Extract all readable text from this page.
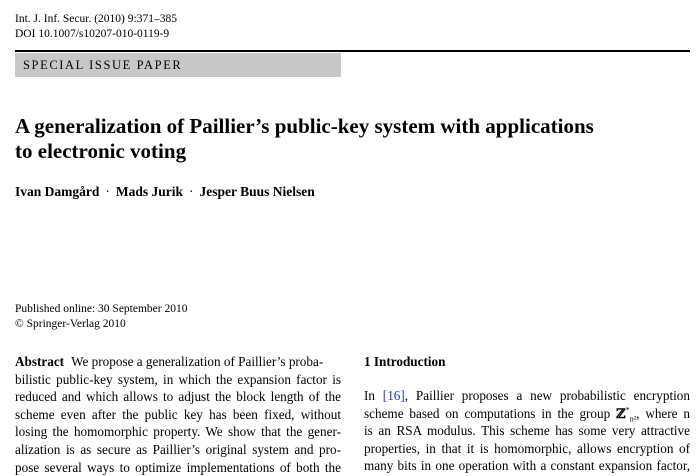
Int. J. Inf. Secur. (2010) 9:371–385
DOI 10.1007/s10207-010-0119-9
SPECIAL ISSUE PAPER
A generalization of Paillier’s public-key system with applications
to electronic voting
Ivan Damgård · Mads Jurik · Jesper Buus Nielsen
Published online: 30 September 2010
© Springer-Verlag 2010
Abstract We propose a generalization of Paillier’s proba-
bilistic public-key system, in which the expansion factor is
reduced and which allows to adjust the block length of the
scheme even after the public key has been fixed, without
losing the homomorphic property. We show that the gener-
alization is as secure as Paillier’s original system and pro-
pose several ways to optimize implementations of both the
1 Introduction
In [16], Paillier proposes a new probabilistic encryption
scheme based on computations in the group ℤ*$_{n^2}$, where n
is an RSA modulus. This scheme has some very attractive
properties, in that it is homomorphic, allows encryption of
many bits in one operation with a constant expansion factor,
